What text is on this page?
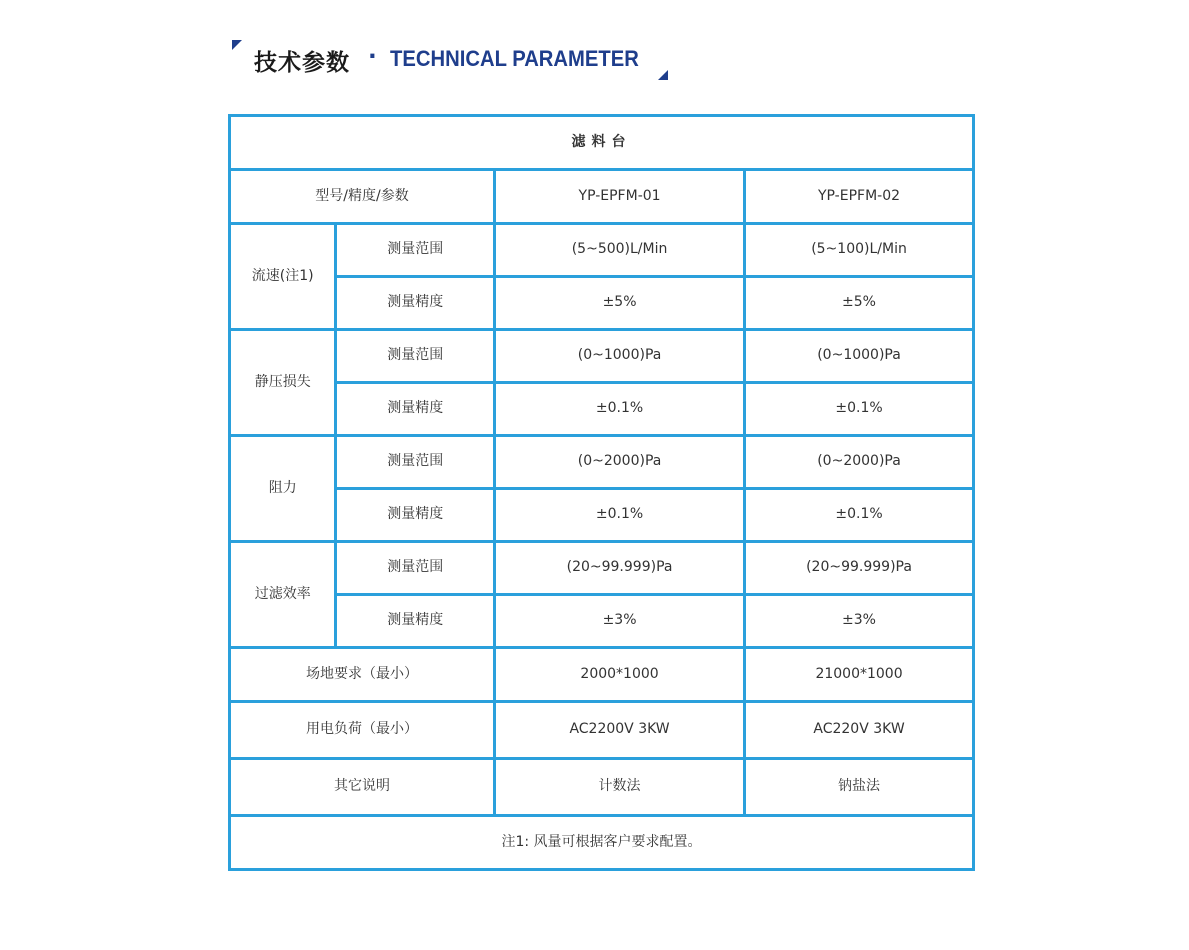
技术参数 · TECHNICAL PARAMETER
滤料台			
型号/精度/参数		YP-EPFM-01	YP-EPFM-02
流速(注1)	测量范围	(5~500)L/Min	(5~100)L/Min
	测量精度	±5%	±5%
静压损失	测量范围	(0~1000)Pa	(0~1000)Pa
	测量精度	±0.1%	±0.1%
阻力	测量范围	(0~2000)Pa	(0~2000)Pa
	测量精度	±0.1%	±0.1%
过滤效率	测量范围	(20~99.999)Pa	(20~99.999)Pa
	测量精度	±3%	±3%
场地要求（最小）		2000*1000	21000*1000
用电负荷（最小）		AC2200V 3KW	AC220V 3KW
其它说明		计数法	钠盐法
注1: 风量可根据客户要求配置。			
